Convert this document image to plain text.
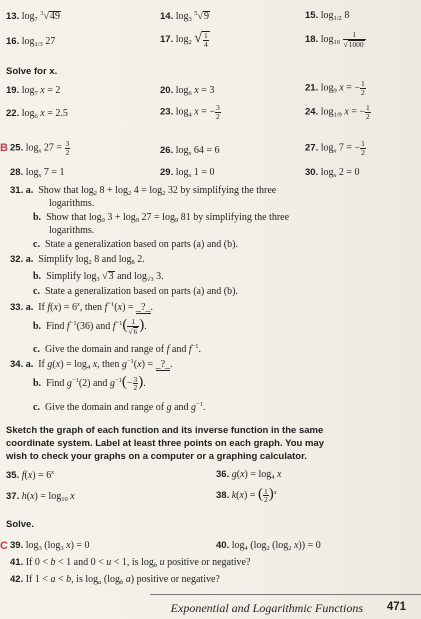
13. $\log_7 ^3√49$	14. $\log_3 ^5√9$	15. $\log_{1/2} 8$
16. $\log_{1/3} 27$	17. $\log_2$ √ $\frac{1}{4}$	18. $\log_{10} \frac{1}{√1000}$
Solve for x.
19. $\log_7 x = 2$	20. $\log_6 x = 3$	21. $\log_9 x$ = − $\frac{1}{2}$
22. $\log_6 x = 2.5$	23. $\log_4 x$ = − $\frac{3}{2}$	24. $\log_{1/9} x$ = − $\frac{1}{2}$
B 25. $\log_x 27 = \frac{3}{2}$	26. $\log_x 64 = 6$	27. $\log_x 7$ = − $\frac{1}{2}$
28. $\log_x 7 = 1$	29. $\log_x 1 = 0$	30. $\log_x 2 = 0$
31. a.  Show that $\log_2 8 + \log_2 4 = \log_2 32$ by simplifying the three
logarithms.
b.  Show that $\log_9 3 + \log_9 27 = \log_9 81$ by simplifying the three
logarithms.
c.  State a generalization based on parts (a) and (b).
32. a.  Simplify $\log_2 8$ and $\log_8 2$.
b.  Simplify $\log_3 √3$ and $\log_{√3} 3$.
c.  State a generalization based on parts (a) and (b).
33. a.  If $f(x) = 6^x$, then $f^{-1}(x)$ = _?_.
b.  Find $f^{-1}(36)$ and $f^{-1}( \frac{1}{√6}$ ).
c.  Give the domain and range of f and $f^{-1}$.
34. a.  If $g(x) = \log_4 x$, then $g^{-1}(x)$ = _?_.
b.  Find $g^{-1}(2)$ and $g^{-1}(- \frac{3}{2}$ ).
c.  Give the domain and range of g and $g^{-1}$.
Sketch the graph of each function and its inverse function in the same
coordinate system. Label at least three points on each graph. You may
wish to check your graphs on a computer or a graphing calculator.
35. $f(x) = 6^x$	36. $g(x) = \log_4 x$
37. $h(x) = \log_{10} x$	38. k(x) = ( $\frac{1}{2} )^x$
Solve.
C 39. $\log_3 (\log_3$ x) = 0	40. $\log_4 (\log_2$ ($\log_2$ x)) = 0
41. If 0 < b < 1 and 0 < u < 1, is $\log_b u$ positive or negative?
42. If 1 < a < b, is $\log_a (\log_b$ a) positive or negative?
Exponential and Logarithmic Functions 471
